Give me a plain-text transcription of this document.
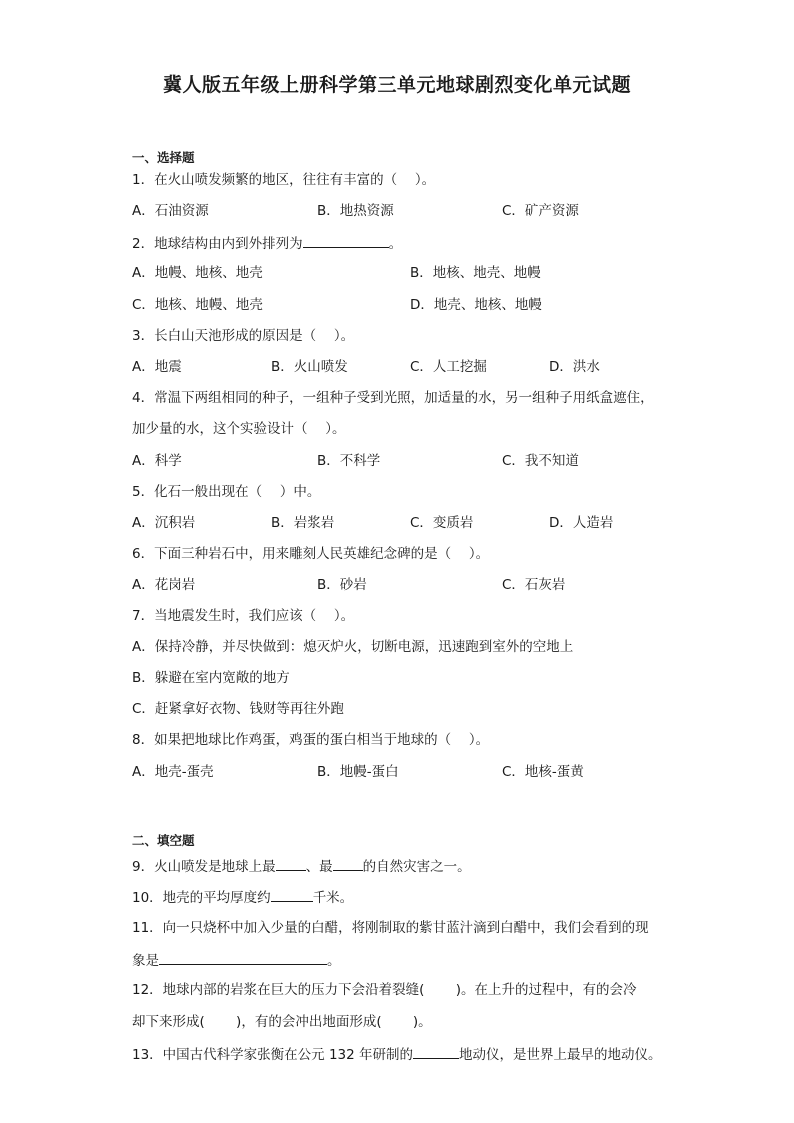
冀人版五年级上册科学第三单元地球剧烈变化单元试题
一、选择题
1．在火山喷发频繁的地区，往往有丰富的（　 ）。
A．石油资源	B．地热资源	C．矿产资源
2．地球结构由内到外排列为	。
A．地幔、地核、地壳	B．地核、地壳、地幔
C．地核、地幔、地壳	D．地壳、地核、地幔
3．长白山天池形成的原因是（　 ）。
A．地震	B．火山喷发	C．人工挖掘	D．洪水
4．常温下两组相同的种子，一组种子受到光照，加适量的水，另一组种子用纸盒遮住，
加少量的水，这个实验设计（　 ）。
A．科学	B．不科学	C．我不知道
5．化石一般出现在（　 ）中。
A．沉积岩	B．岩浆岩	C．变质岩	D．人造岩
6．下面三种岩石中，用来雕刻人民英雄纪念碑的是（　 ）。
A．花岗岩	B．砂岩	C．石灰岩
7．当地震发生时，我们应该（　 ）。
A．保持冷静，并尽快做到：熄灭炉火，切断电源，迅速跑到室外的空地上
B．躲避在室内宽敞的地方
C．赶紧拿好衣物、钱财等再往外跑
8．如果把地球比作鸡蛋，鸡蛋的蛋白相当于地球的（　 ）。
A．地壳-蛋壳	B．地幔-蛋白	C．地核-蛋黄
二、填空题
9．火山喷发是地球上最 、最 的自然灾害之一。
10．地壳的平均厚度约	千米。
11．向一只烧杯中加入少量的白醋，将刚制取的紫甘蓝汁滴到白醋中，我们会看到的现
象是	。
12．地球内部的岩浆在巨大的压力下会沿着裂缝(　　 )。在上升的过程中，有的会冷
却下来形成(　　 )，有的会冲出地面形成(　　 )。
13．中国古代科学家张衡在公元 132 年研制的	地动仪，是世界上最早的地动仪。
